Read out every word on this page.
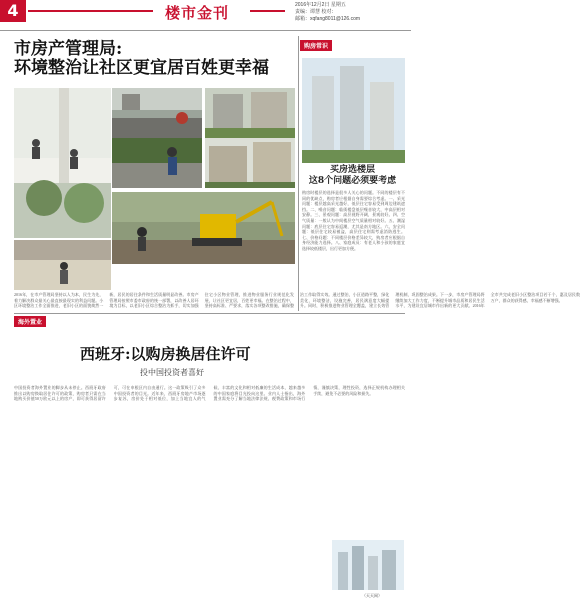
4	楼市金刊	2016年12月2日 星期五
责编：谭慧 校对：
邮箱：xqfang8011@126.com
市房产管理局:
环境整治让社区更宜居百姓更幸福
2016年，在市产管理局坚持以人为本，民生为先，着力解决群众最关心最直接最现实的利益问题。小区环境整治工作全面推进，老旧小区的面貌焕然一新，居民的居住条件和生活质量明显改善。市房产管理局按照市委市政府的统一部署，以改善人居环境为目标，以老旧小区综合整治为抓手，切实加强住宅小区物业管理，推进物业服务行业规范化发展，让社区更宜居，百姓更幸福。在整治过程中，坚持高标准、严要求，落实各项整改措施，确保整治工作取得实效。通过整治，小区道路平整，绿化美化，环境整洁，设施完善，居民满意度大幅提升。同时，积极推进物业管理全覆盖，建立长效管理机制，巩固整治成果。下一步，市房产管理局将继续加大工作力度，不断提升城市品质和居民生活水平，为建设宜居城市作出新的更大贡献。2016年全市共完成老旧小区整治项目若干个，惠及居民数万户，群众的获得感、幸福感不断增强。
购房常识
买房选楼层
这8个问题必须要考虑
购房时楼层的选择是很多人关心的问题。不同的楼层有不同的优缺点，购房者应根据自身需要综合考虑。一、采光问题：楼层越高采光越好，低层住宅容易受到周边建筑遮挡。二、噪音问题：临街楼盘低层噪音较大，中高层相对安静。三、景观问题：高层视野开阔，景观较好。四、空气质量：一般认为中间楼层空气质量相对较好。五、潮湿问题：底层住宅容易返潮，尤其是南方地区。六、安全问题：低层住宅较易被盗，高层住宅则需考虑消防逃生。七、价格问题：不同楼层价格差异较大，购房者应根据自身经济能力选择。八、家庭成员：有老人和小孩的家庭宜选择较低楼层，出行更加方便。
海外置业
西班牙:以购房换居住许可
投中国投资者喜好
中国投资者海外置业的脚步从未停止。西班牙政府推出以购房换取居住许可的政策，购房者只需在当地购买价值50万欧元以上的房产，即可获得居留许可，可在申根区内自由通行。这一政策吸引了众多中国投资者的目光。近年来，西班牙房地产市场逐步复苏，房价处于相对低位，加上当地宜人的气候、丰富的文化和相对低廉的生活成本，越来越多的中国家庭将目光投向这里。业内人士指出，海外置业需充分了解当地法律法规、税费政策和市场行情，谨慎决策，理性投资，选择正规机构办理相关手续，避免不必要的风险和损失。
（天天网）
